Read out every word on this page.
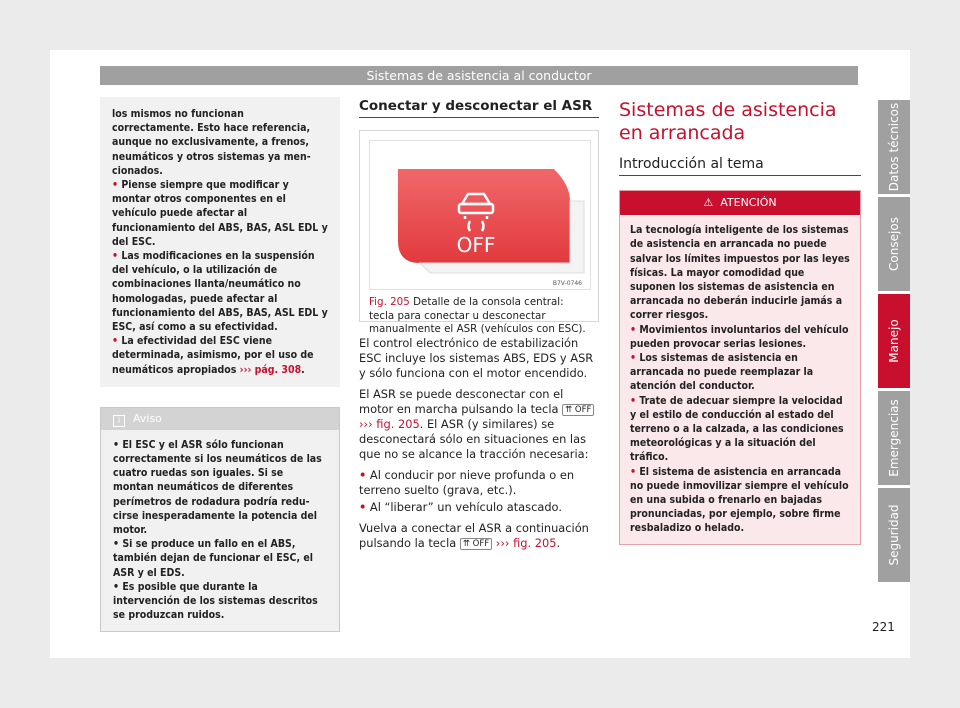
Sistemas de asistencia al conductor

los mismos no funcionan correctamente. Esto hace referencia, aunque no exclusivamente, a frenos, neumáticos y otros sistemas ya mencionados.

• Piense siempre que modificar y montar otros componentes en el vehículo puede afectar al funcionamiento del ABS, BAS, ASL EDL y del ESC.

• Las modificaciones en la suspensión del vehículo, o la utilización de combinaciones llanta/neumático no homologadas, puede afectar al funcionamiento del ABS, BAS, ASL EDL y ESC, así como a su efectividad.

• La efectividad del ESC viene determinada, asimismo, por el uso de neumáticos apropiados ››› pág. 308.

i Aviso

• El ESC y el ASR sólo funcionan correctamente si los neumáticos de las cuatro ruedas son iguales. Si se montan neumáticos de diferentes perímetros de rodadura podría reducirse inesperadamente la potencia del motor.

• Si se produce un fallo en el ABS, también dejan de funcionar el ESC, el ASR y el EDS.

• Es posible que durante la intervención de los sistemas descritos se produzcan ruidos.

Conectar y desconectar el ASR
OFF
B7V-0746

Fig. 205 Detalle de la consola central: tecla para conectar u desconectar manualmente el ASR (vehículos con ESC).

El control electrónico de estabilización ESC incluye los sistemas ABS, EDS y ASR y sólo funciona con el motor encendido.

El ASR se puede desconectar con el motor en marcha pulsando la tecla ⇈ OFF ››› fig. 205. El ASR (y similares) se desconectará sólo en situaciones en las que no se alcance la tracción necesaria:

• Al conducir por nieve profunda o en terreno suelto (grava, etc.).

• Al “liberar” un vehículo atascado.

Vuelva a conectar el ASR a continuación pulsando la tecla ⇈ OFF ››› fig. 205.

Sistemas de asistencia en arrancada
Introducción al tema
⚠ ATENCIÓN

La tecnología inteligente de los sistemas de asistencia en arrancada no puede salvar los límites impuestos por las leyes físicas. La mayor comodidad que suponen los sistemas de asistencia en arrancada no deberán inducirle jamás a correr riesgos.

• Movimientos involuntarios del vehículo pueden provocar serias lesiones.

• Los sistemas de asistencia en arrancada no puede reemplazar la atención del conductor.

• Trate de adecuar siempre la velocidad y el estilo de conducción al estado del terreno o a la calzada, a las condiciones meteorológicas y a la situación del tráfico.

• El sistema de asistencia en arrancada no puede inmovilizar siempre el vehículo en una subida o frenarlo en bajadas pronunciadas, por ejemplo, sobre firme resbaladizo o helado.

Datos técnicos
Consejos
Manejo
Emergencias
Seguridad
221
